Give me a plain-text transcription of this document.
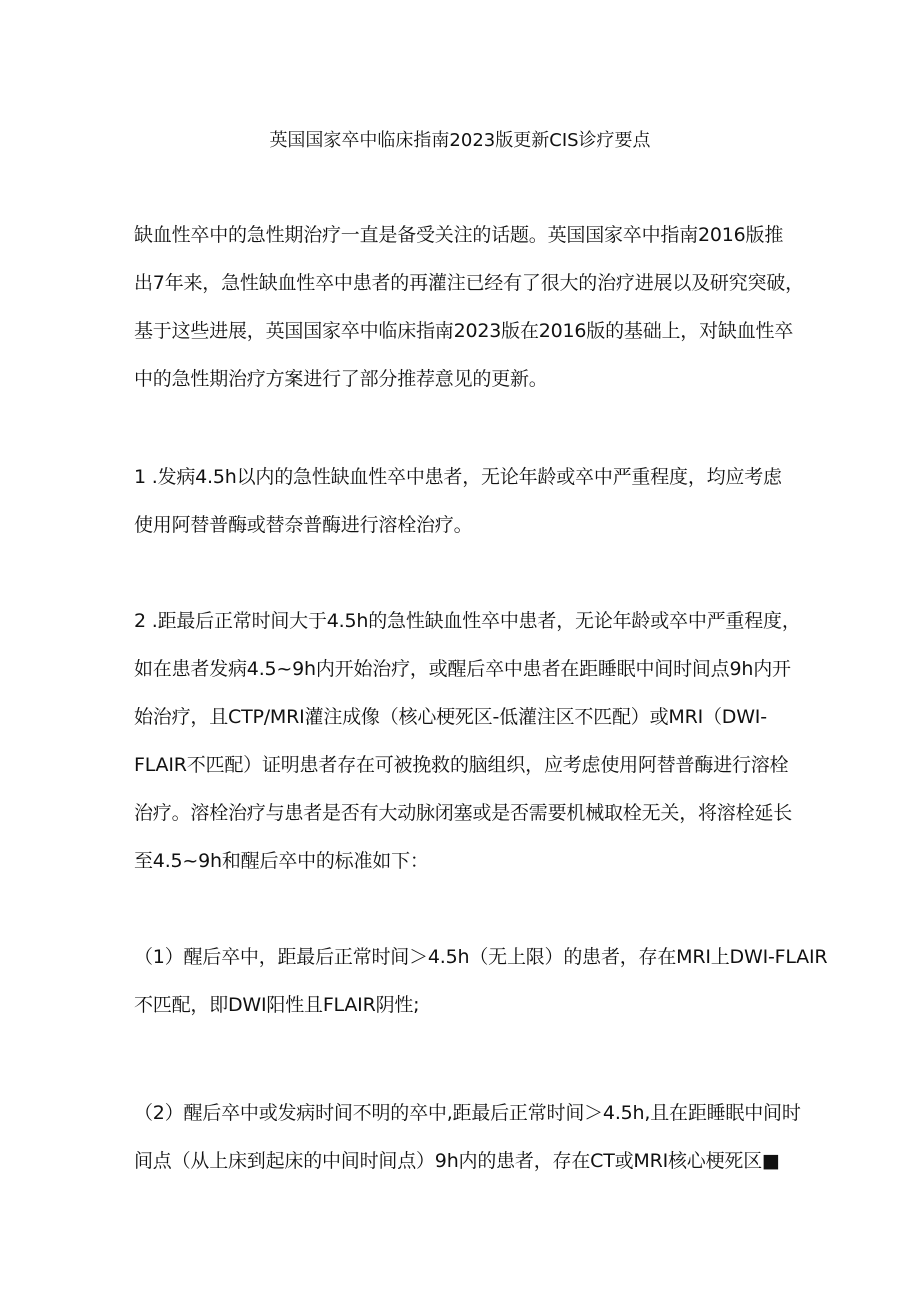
英国国家卒中临床指南2023版更新CIS诊疗要点
缺血性卒中的急性期治疗一直是备受关注的话题。英国国家卒中指南2016版推
出7年来，急性缺血性卒中患者的再灌注已经有了很大的治疗进展以及研究突破，
基于这些进展，英国国家卒中临床指南2023版在2016版的基础上，对缺血性卒
中的急性期治疗方案进行了部分推荐意见的更新。
1 .发病4.5h以内的急性缺血性卒中患者，无论年龄或卒中严重程度，均应考虑
使用阿替普酶或替奈普酶进行溶栓治疗。
2 .距最后正常时间大于4.5h的急性缺血性卒中患者，无论年龄或卒中严重程度，
如在患者发病4.5~9h内开始治疗，或醒后卒中患者在距睡眠中间时间点9h内开
始治疗，且CTP/MRI灌注成像（核心梗死区-低灌注区不匹配）或MRI（DWI-
FLAIR不匹配）证明患者存在可被挽救的脑组织，应考虑使用阿替普酶进行溶栓
治疗。溶栓治疗与患者是否有大动脉闭塞或是否需要机械取栓无关，将溶栓延长
至4.5~9h和醒后卒中的标准如下：
（1）醒后卒中，距最后正常时间＞4.5h（无上限）的患者，存在MRI上DWI-FLAIR
不匹配，即DWI阳性且FLAIR阴性;
（2）醒后卒中或发病时间不明的卒中,距最后正常时间＞4.5h,且在距睡眠中间时
间点（从上床到起床的中间时间点）9h内的患者，存在CT或MRI核心梗死区■
